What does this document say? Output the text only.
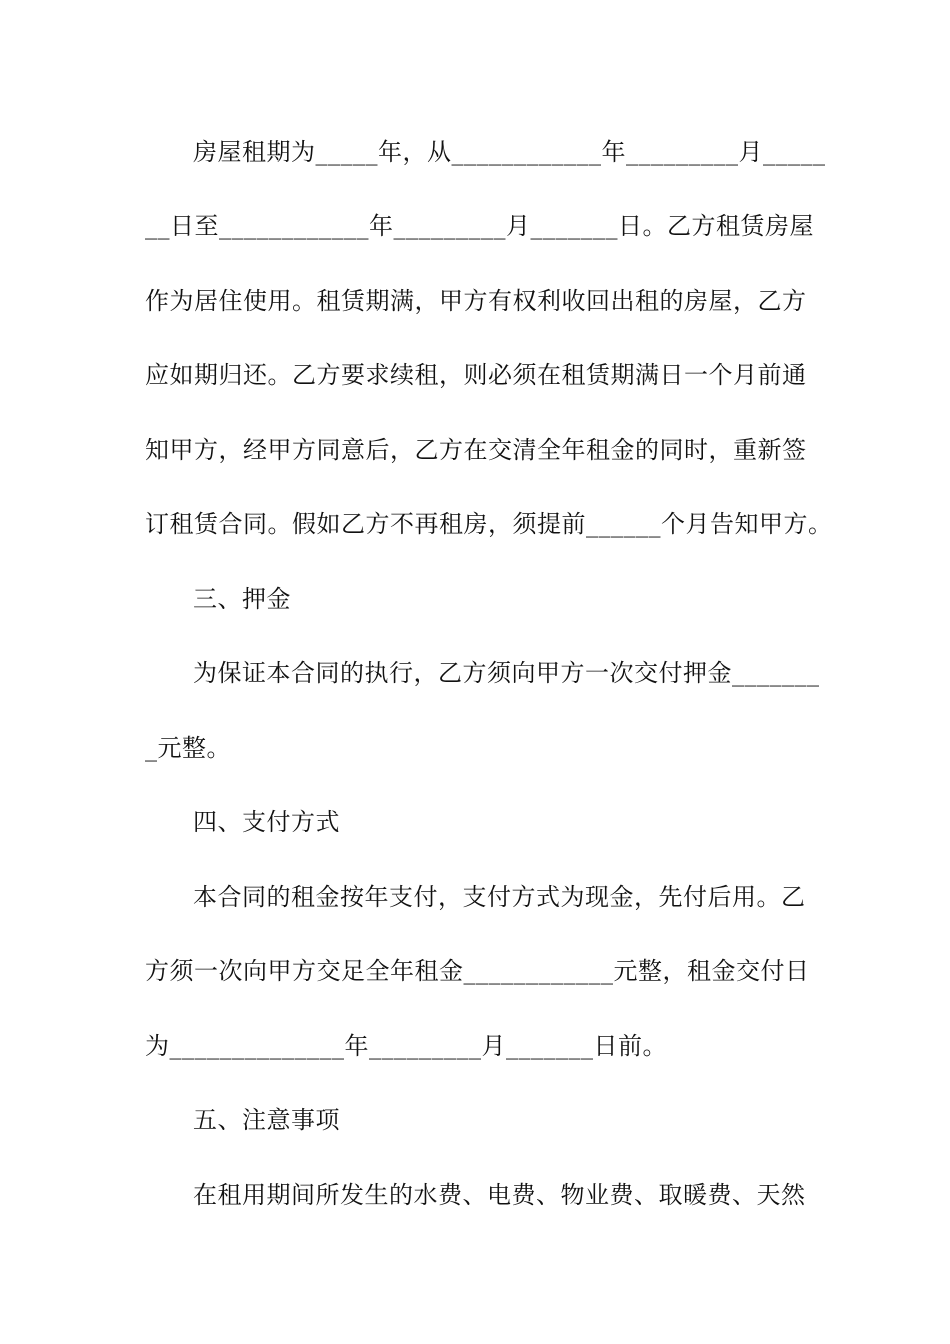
房屋租期为_____年，从____________年_________月_____
__日至____________年_________月_______日。乙方租赁房屋
作为居住使用。租赁期满，甲方有权利收回出租的房屋，乙方
应如期归还。乙方要求续租，则必须在租赁期满日一个月前通
知甲方，经甲方同意后，乙方在交清全年租金的同时，重新签
订租赁合同。假如乙方不再租房，须提前______个月告知甲方。
三、押金
为保证本合同的执行，乙方须向甲方一次交付押金_______
_元整。
四、支付方式
本合同的租金按年支付，支付方式为现金，先付后用。乙
方须一次向甲方交足全年租金____________元整，租金交付日
为______________年_________月_______日前。
五、注意事项
在租用期间所发生的水费、电费、物业费、取暖费、天然
